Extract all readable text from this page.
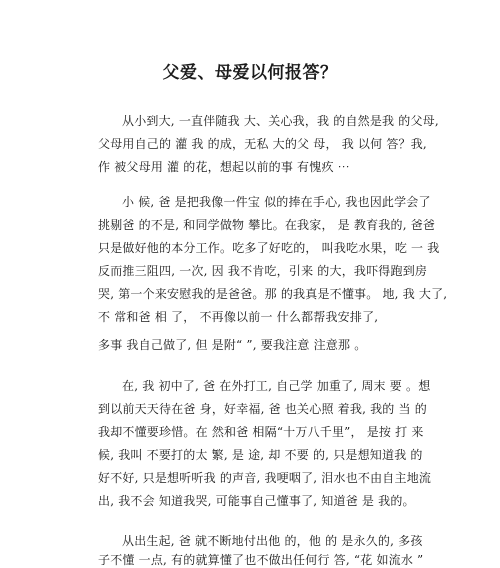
父爱、母爱以何报答？
从小到大, 一直伴随我 大、关心我，我 的自然是我 的父母,
父母用自己的 灌 我 的成，无私 大的父 母， 我 以何 答？我,
作 被父母用 灌 的花，想起以前的事 有愧疚 ⋯
小 候, 爸 是把我像一件宝 似的捧在手心, 我也因此学会了
挑剔爸 的不是, 和同学做物 攀比。在我家， 是 教育我的, 爸爸
只是做好他的本分工作。吃多了好吃的， 叫我吃水果，吃 一 我
反而推三阻四, 一次, 因 我不肯吃，引来 的大，我吓得跑到房
哭, 第一个来安慰我的是爸爸。那 的我真是不懂事。 地, 我 大了,
不 常和爸 相 了， 不再像以前一 什么都帮我安排了,
多事 我自己做了, 但 是附“ ”, 要我注意 注意那 。
在, 我 初中了, 爸 在外打工, 自己学 加重了, 周末 要 。想
到以前天天待在爸 身，好幸福, 爸 也关心照 着我, 我的 当 的
我却不懂要珍惜。在 然和爸 相隔“十万八千里”， 是按 打 来
候, 我叫 不要打的太 繁, 是 途, 却 不要 的, 只是想知道我 的
好不好, 只是想听听我 的声音, 我哽咽了, 泪水也不由自主地流
出, 我不会 知道我哭, 可能事自己懂事了, 知道爸 是 我的。
从出生起, 爸 就不断地付出他 的，他 的 是永久的, 多孩
子不懂 一点, 有的就算懂了也不做出任何行 答, “花 如流水 ”
